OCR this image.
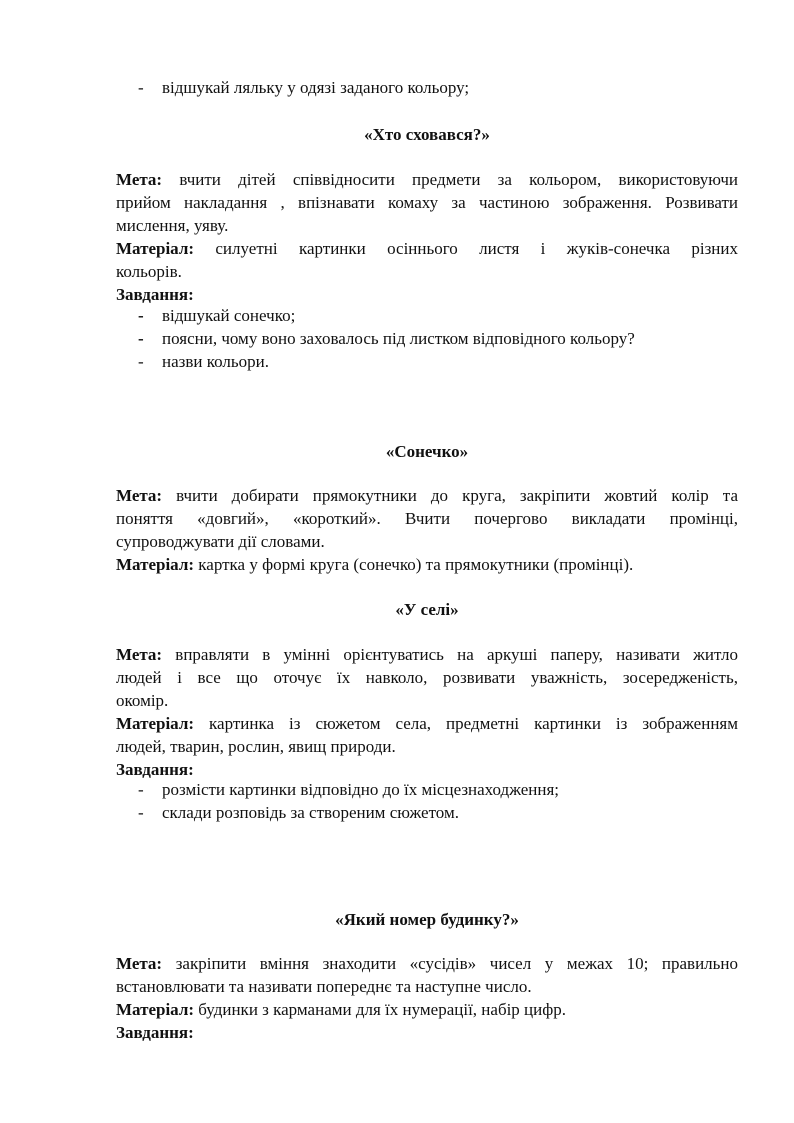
- відшукай ляльку у одязі заданого кольору;

«Хто сховався?»

Мета: вчити дітей співвідносити предмети за кольором, використовуючи

прийом накладання , впізнавати комаху за частиною зображення. Розвивати

мислення, уяву.

Матеріал: силуетні картинки осіннього листя і жуків-сонечка різних

кольорів.

Завдання:

- відшукай сонечко;

- поясни, чому воно заховалось під листком відповідного кольору?

- назви кольори.

«Сонечко»

Мета: вчити добирати прямокутники до круга, закріпити жовтий колір та

поняття «довгий», «короткий». Вчити почергово викладати промінці,

супроводжувати дії словами.

Матеріал: картка у формі круга (сонечко) та прямокутники (промінці).

«У селі»

Мета: вправляти в умінні орієнтуватись на аркуші паперу, називати житло

людей і все що оточує їх навколо, розвивати уважність, зосередженість,

окомір.

Матеріал: картинка із сюжетом села, предметні картинки із зображенням

людей, тварин, рослин, явищ природи.

Завдання:

- розмісти картинки відповідно до їх місцезнаходження;

- склади розповідь за створеним сюжетом.

«Який номер будинку?»

Мета: закріпити вміння знаходити «сусідів» чисел у межах 10; правильно

встановлювати та називати попереднє та наступне число.

Матеріал: будинки з карманами для їх нумерації, набір цифр.

Завдання:
